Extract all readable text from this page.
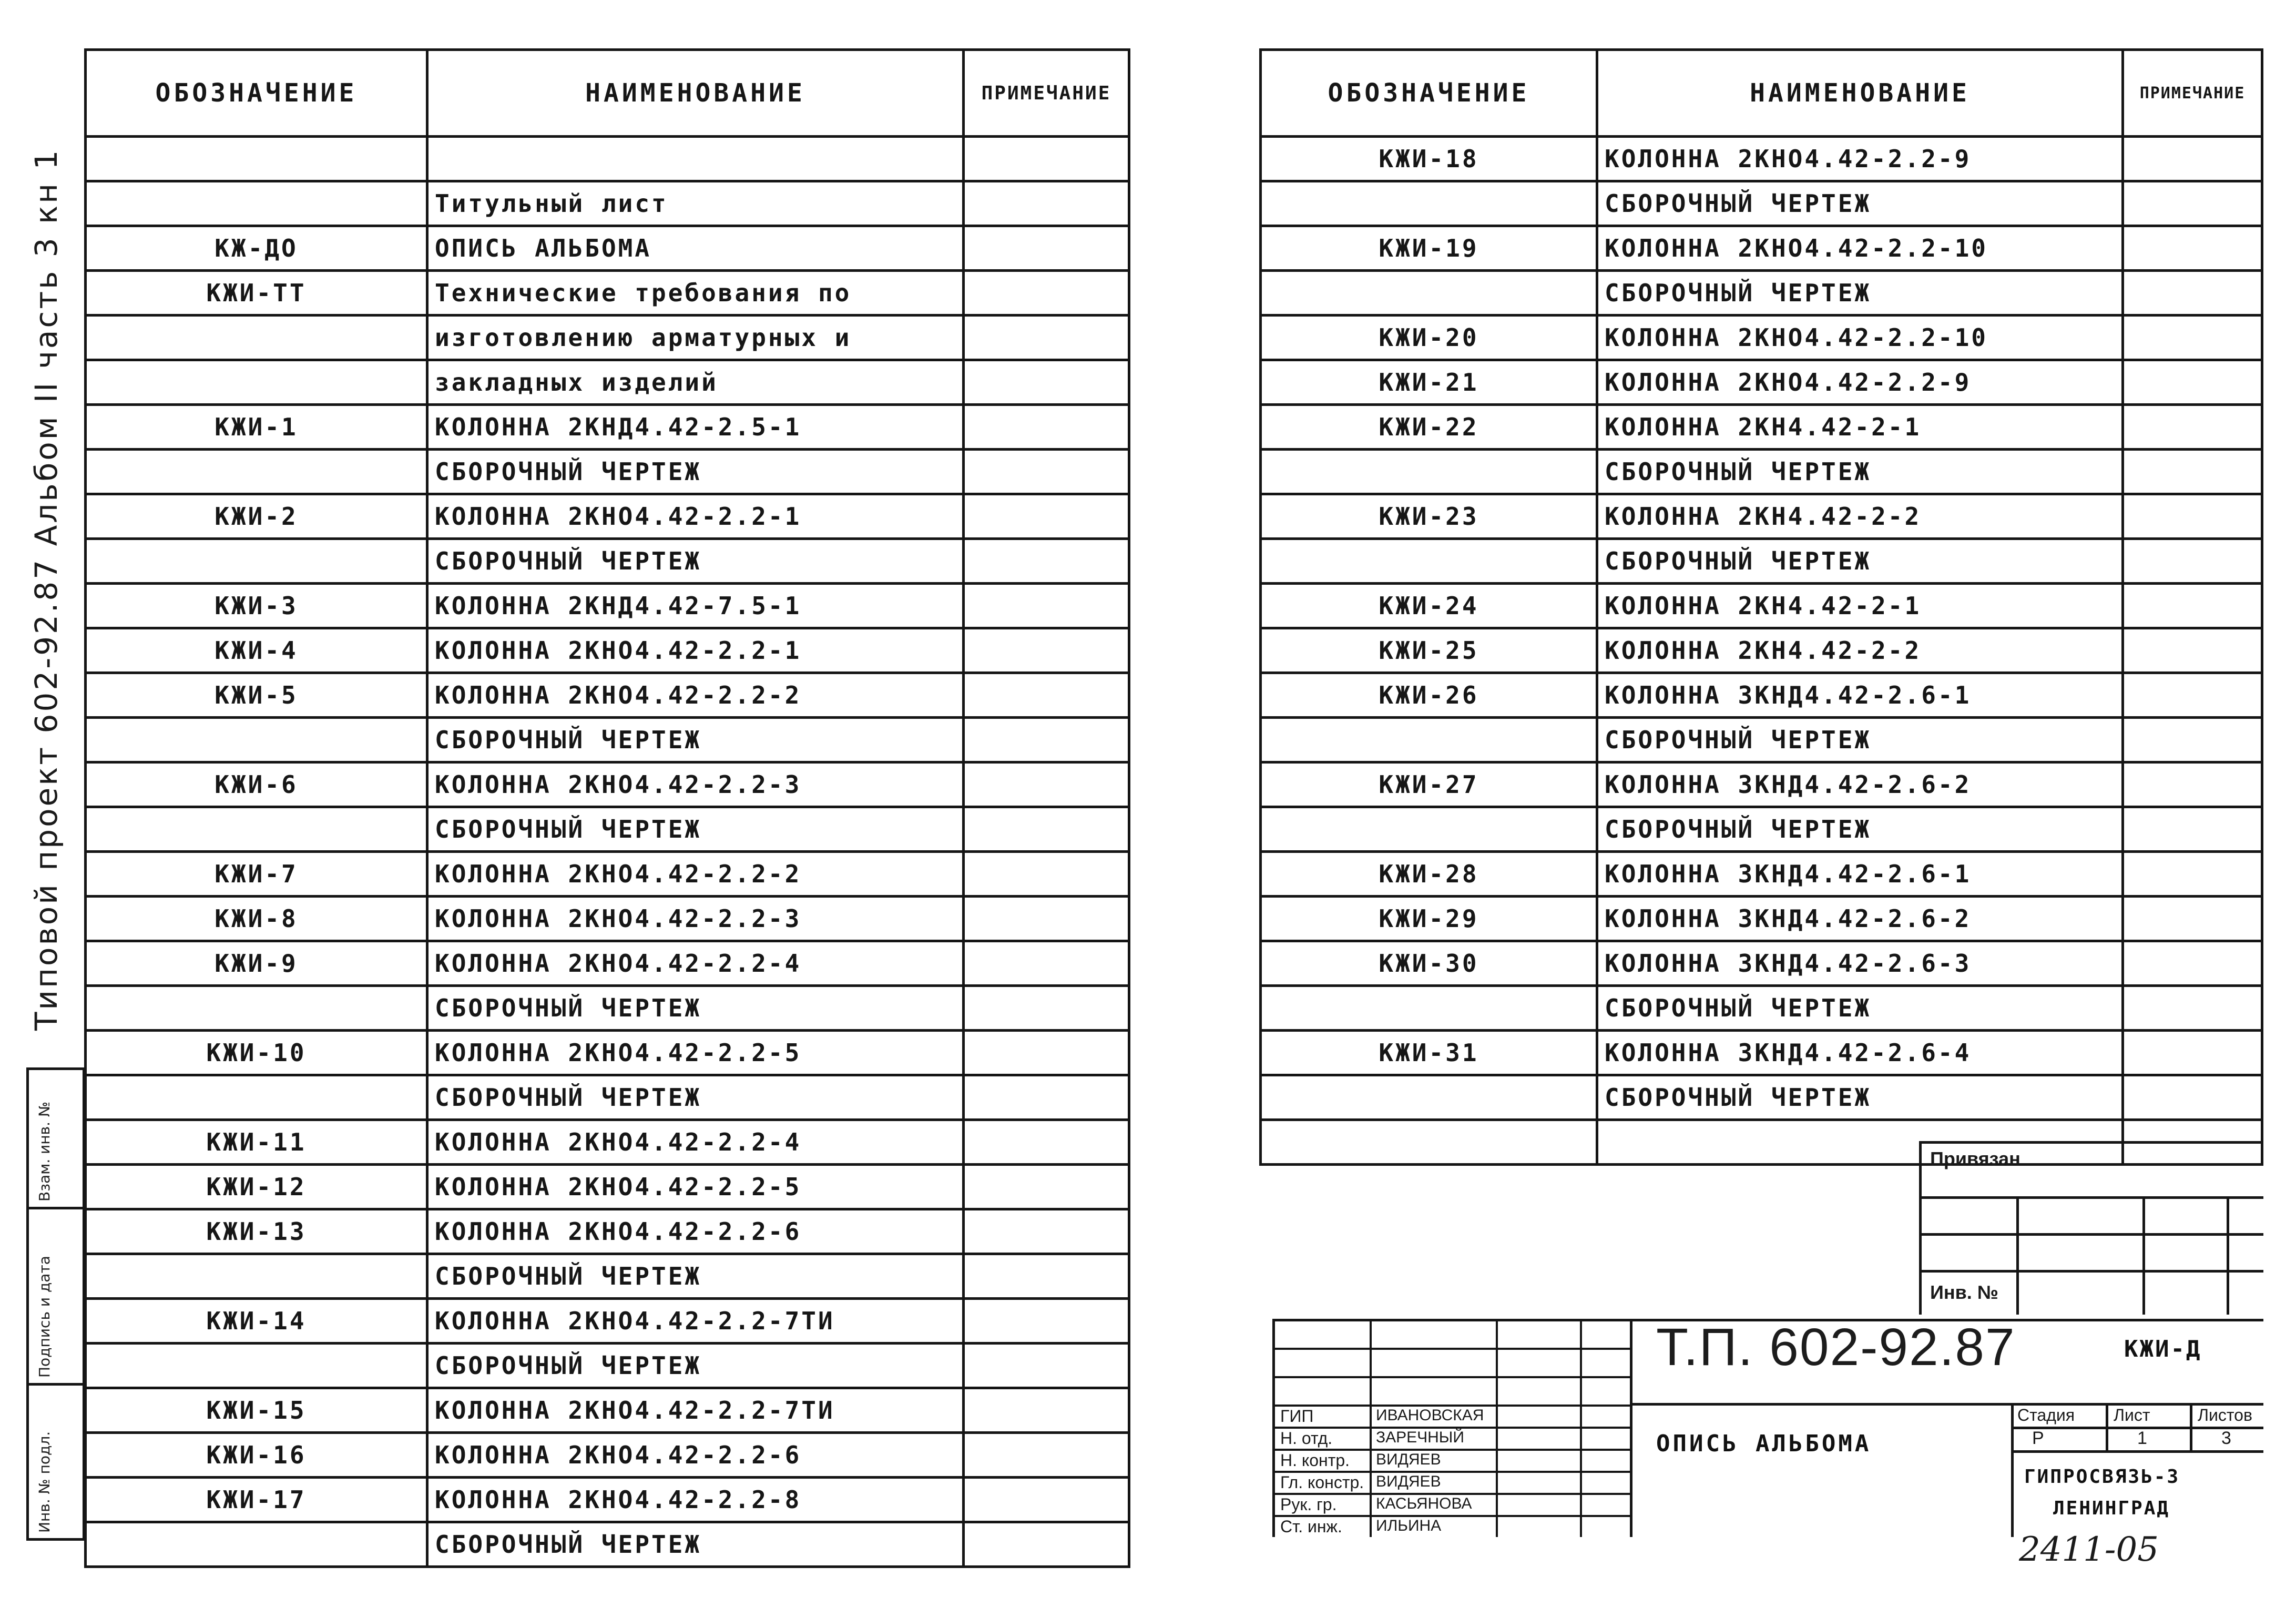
ОБОЗНАЧЕНИЕ	НАИМЕНОВАНИЕ	ПРИМЕЧАНИЕ

	Титульный лист	
КЖ-ДО	ОПИСЬ АЛЬБОМА	
КЖИ-ТТ	Технические требования по	
	изготовлению арматурных и	
	закладных изделий	
КЖИ-1	КОЛОННА 2КНД4.42-2.5-1	
	СБОРОЧНЫЙ ЧЕРТЕЖ	
КЖИ-2	КОЛОННА 2КНО4.42-2.2-1	
	СБОРОЧНЫЙ ЧЕРТЕЖ	
КЖИ-3	КОЛОННА 2КНД4.42-7.5-1	
КЖИ-4	КОЛОННА 2КНО4.42-2.2-1	
КЖИ-5	КОЛОННА 2КНО4.42-2.2-2	
	СБОРОЧНЫЙ ЧЕРТЕЖ	
КЖИ-6	КОЛОННА 2КНО4.42-2.2-3	
	СБОРОЧНЫЙ ЧЕРТЕЖ	
КЖИ-7	КОЛОННА 2КНО4.42-2.2-2	
КЖИ-8	КОЛОННА 2КНО4.42-2.2-3	
КЖИ-9	КОЛОННА 2КНО4.42-2.2-4	
	СБОРОЧНЫЙ ЧЕРТЕЖ	
КЖИ-10	КОЛОННА 2КНО4.42-2.2-5	
	СБОРОЧНЫЙ ЧЕРТЕЖ	
КЖИ-11	КОЛОННА 2КНО4.42-2.2-4	
КЖИ-12	КОЛОННА 2КНО4.42-2.2-5	
КЖИ-13	КОЛОННА 2КНО4.42-2.2-6	
	СБОРОЧНЫЙ ЧЕРТЕЖ	
КЖИ-14	КОЛОННА 2КНО4.42-2.2-7ТИ	
	СБОРОЧНЫЙ ЧЕРТЕЖ	
КЖИ-15	КОЛОННА 2КНО4.42-2.2-7ТИ	
КЖИ-16	КОЛОННА 2КНО4.42-2.2-6	
КЖИ-17	КОЛОННА 2КНО4.42-2.2-8	
	СБОРОЧНЫЙ ЧЕРТЕЖ	
ОБОЗНАЧЕНИЕ	НАИМЕНОВАНИЕ	ПРИМЕЧАНИЕ
КЖИ-18	КОЛОННА 2КНО4.42-2.2-9	
	СБОРОЧНЫЙ ЧЕРТЕЖ	
КЖИ-19	КОЛОННА 2КНО4.42-2.2-10	
	СБОРОЧНЫЙ ЧЕРТЕЖ	
КЖИ-20	КОЛОННА 2КНО4.42-2.2-10	
КЖИ-21	КОЛОННА 2КНО4.42-2.2-9	
КЖИ-22	КОЛОННА 2КН4.42-2-1	
	СБОРОЧНЫЙ ЧЕРТЕЖ	
КЖИ-23	КОЛОННА 2КН4.42-2-2	
	СБОРОЧНЫЙ ЧЕРТЕЖ	
КЖИ-24	КОЛОННА 2КН4.42-2-1	
КЖИ-25	КОЛОННА 2КН4.42-2-2	
КЖИ-26	КОЛОННА 3КНД4.42-2.6-1	
	СБОРОЧНЫЙ ЧЕРТЕЖ	
КЖИ-27	КОЛОННА 3КНД4.42-2.6-2	
	СБОРОЧНЫЙ ЧЕРТЕЖ	
КЖИ-28	КОЛОННА 3КНД4.42-2.6-1	
КЖИ-29	КОЛОННА 3КНД4.42-2.6-2	
КЖИ-30	КОЛОННА 3КНД4.42-2.6-3	
	СБОРОЧНЫЙ ЧЕРТЕЖ	
КЖИ-31	КОЛОННА 3КНД4.42-2.6-4	
	СБОРОЧНЫЙ ЧЕРТЕЖ	

Типовой проект 602-92.87 Альбом II часть 3 кн 1
Взам. инв. №
Подпись и дата
Инв. № подл.
Привязан
Инв. №
ГИП	ИВАНОВСКАЯ
Н. отд.	ЗАРЕЧНЫЙ
Н. контр. ВИДЯЕВ
Гл. констр. ВИДЯЕВ
Рук. гр. КАСЬЯНОВА
Ст. инж. ИЛЬИНА
Стадия Лист	Листов
Р	1	3
ГИПРОСВЯЗЬ-3
ЛЕНИНГРАД
Т.П. 602-92.87	КЖИ-Д
ОПИСЬ АЛЬБОМА
2411-05
